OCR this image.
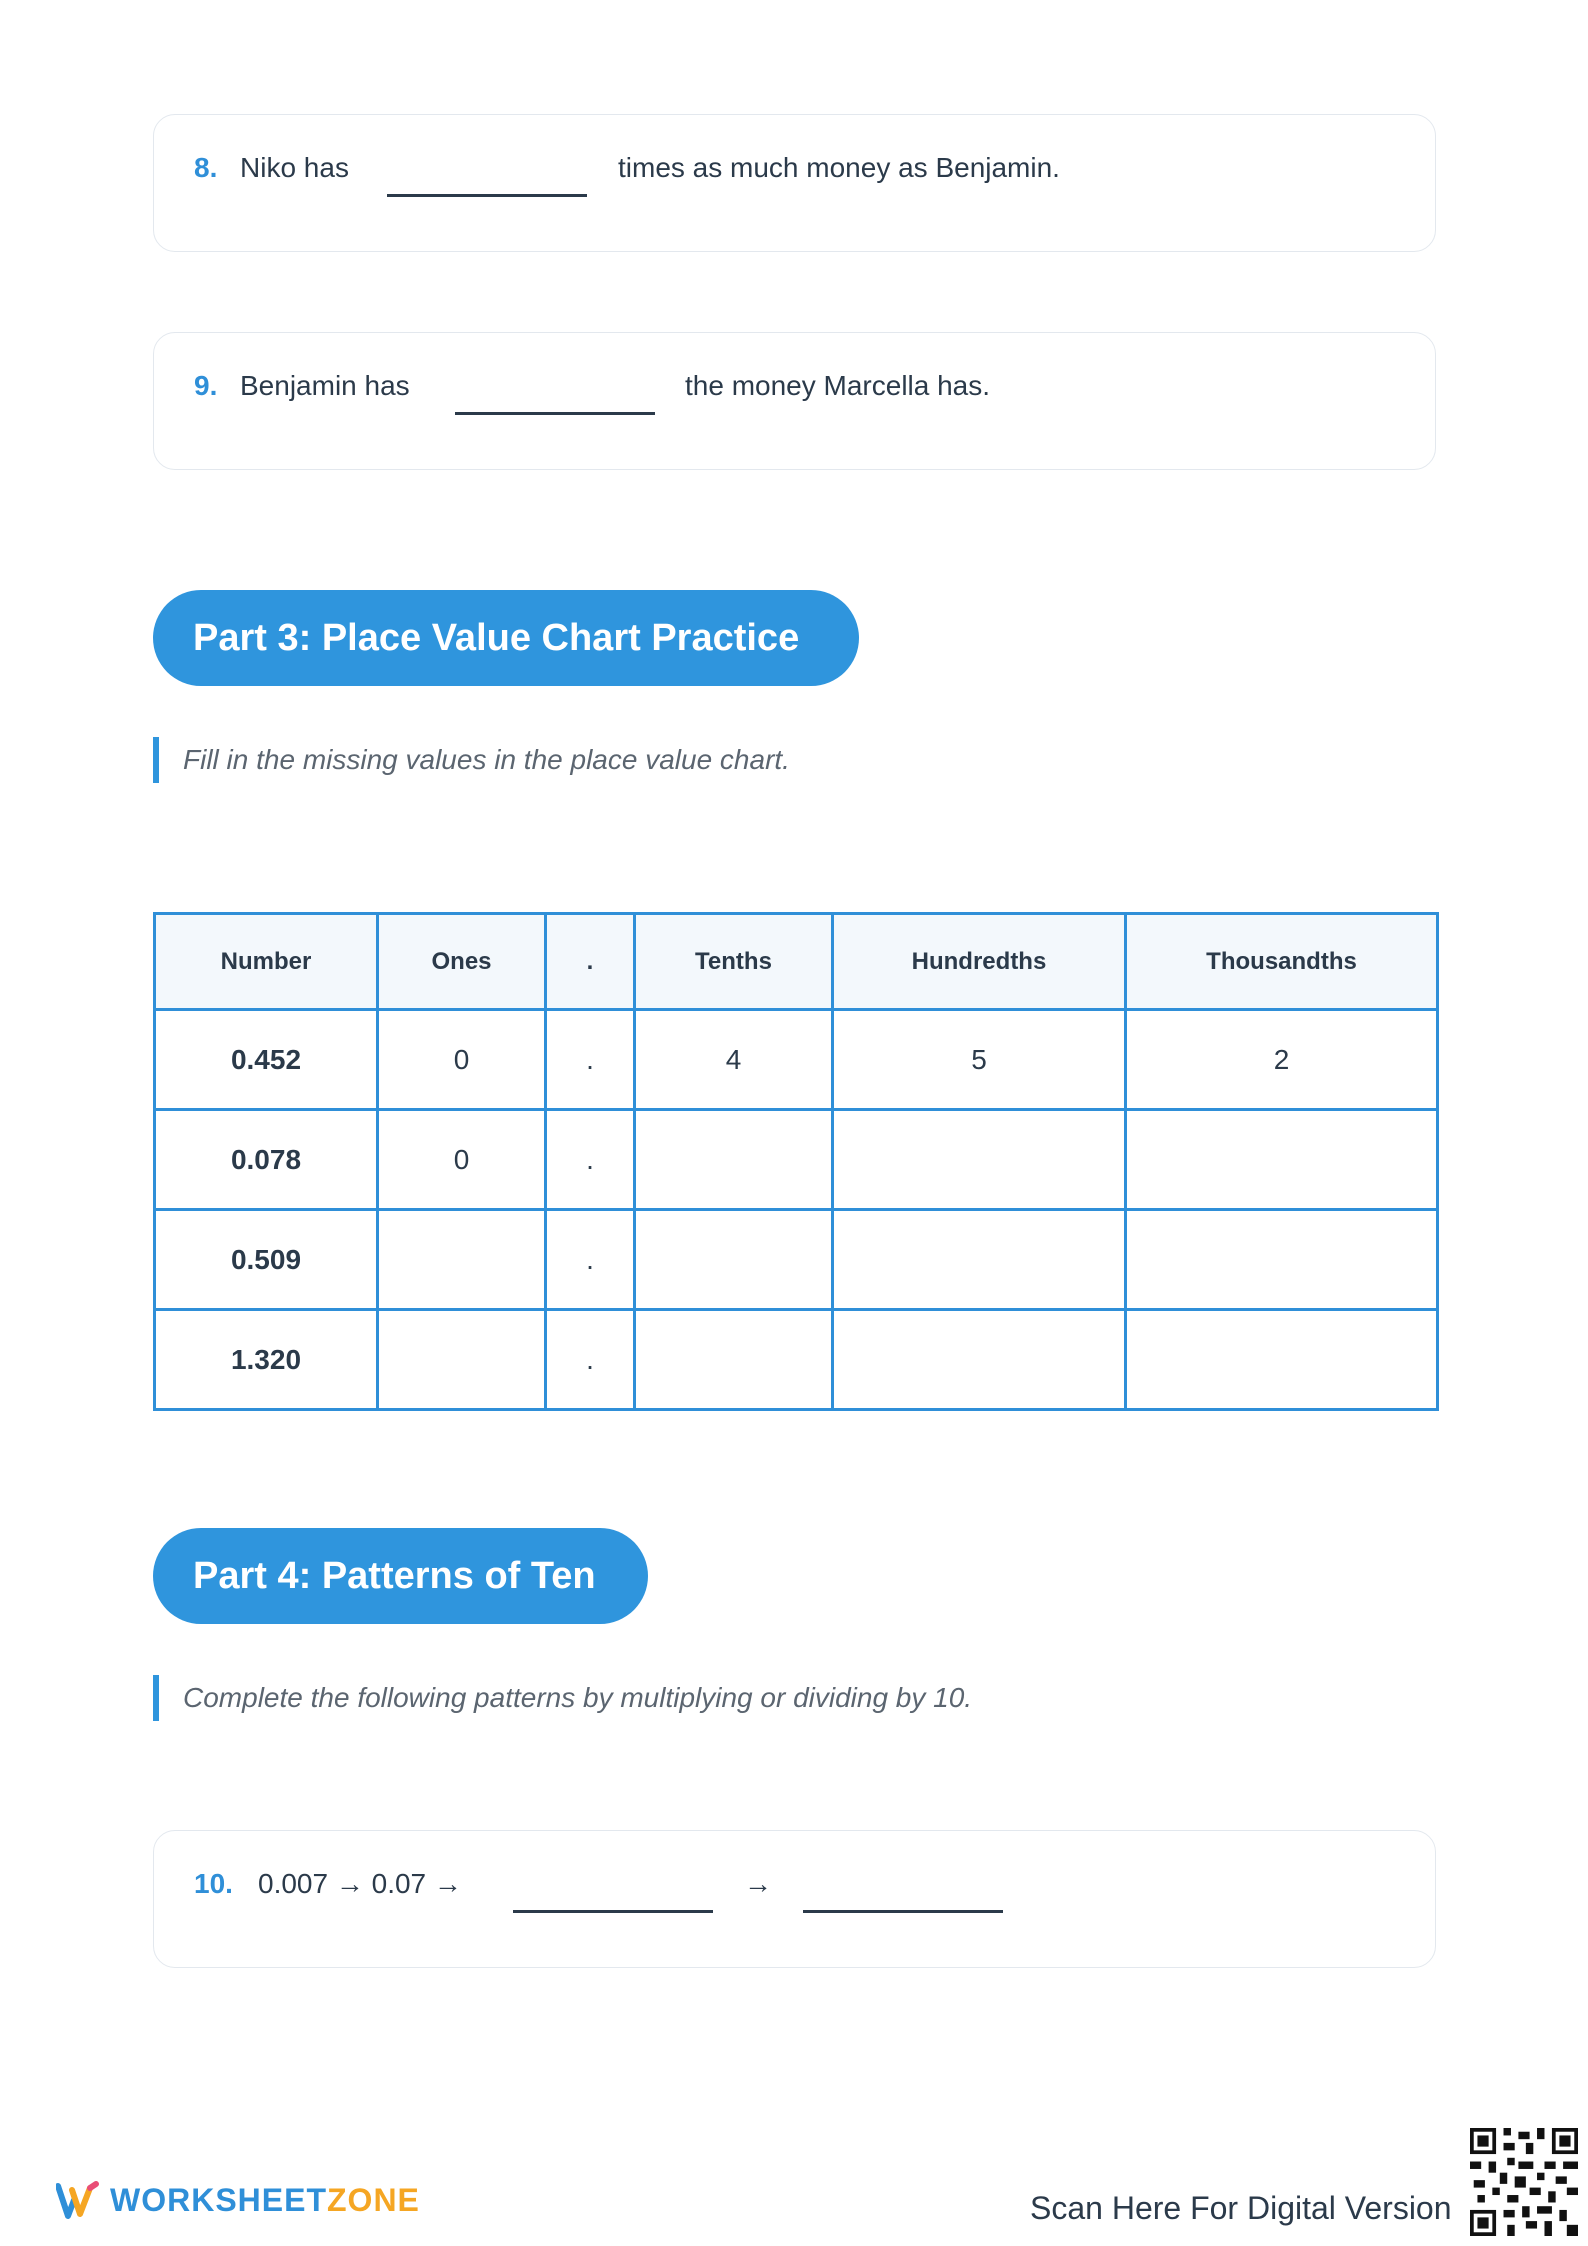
8. Niko has	times as much money as Benjamin.
9. Benjamin has	the money Marcella has.
Part 3: Place Value Chart Practice
Fill in the missing values in the place value chart.
Number	Ones	.	Tenths	Hundredths	Thousandths
0.452	0	.	4	5	2
0.078	0	.			
0.509		.			
1.320		.			
Part 4: Patterns of Ten
Complete the following patterns by multiplying or dividing by 10.
10. 0.007 → 0.07 →	→
WORKSHEETZONE	Scan Here For Digital Version
